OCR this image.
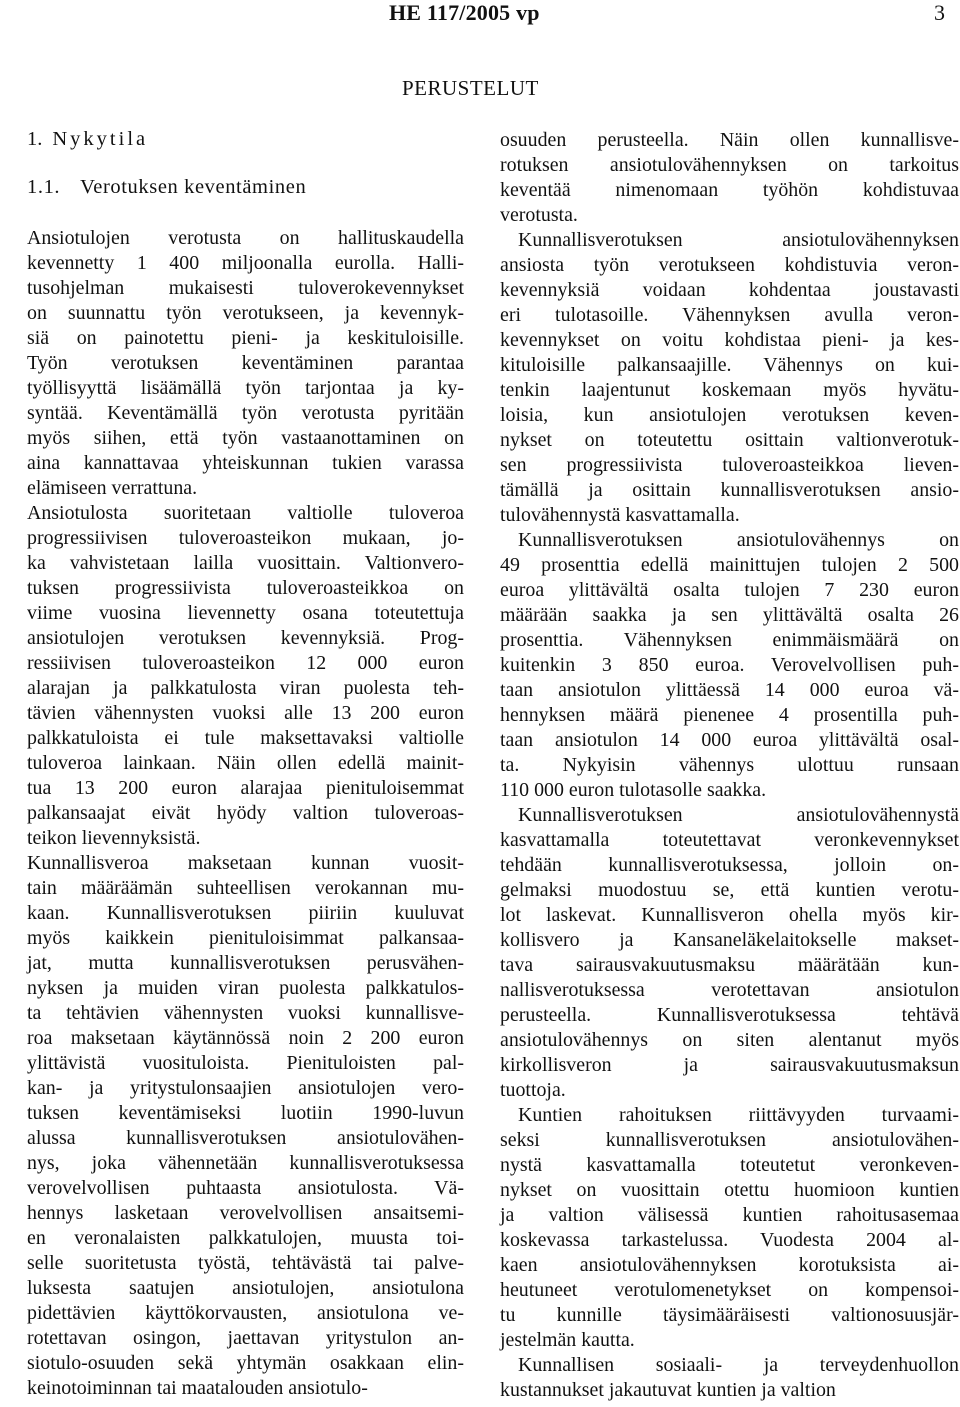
HE 117/2005 vp	3
PERUSTELUT
1. Nykytila
1.1. Verotuksen keventäminen

Ansiotulojen verotusta on hallituskaudella
kevennetty 1 400 miljoonalla eurolla. Halli-
tusohjelman mukaisesti tuloverokevennykset
on suunnattu työn verotukseen, ja kevennyk-
siä on painotettu pieni- ja keskituloisille.
Työn verotuksen keventäminen parantaa
työllisyyttä lisäämällä työn tarjontaa ja ky-
syntää. Keventämällä työn verotusta pyritään
myös siihen, että työn vastaanottaminen on
aina kannattavaa yhteiskunnan tukien varassa
elämiseen verrattuna.

Ansiotulosta suoritetaan valtiolle tuloveroa
progressiivisen tuloveroasteikon mukaan, jo-
ka vahvistetaan lailla vuosittain. Valtionvero-
tuksen progressiivista tuloveroasteikkoa on
viime vuosina lievennetty osana toteutettuja
ansiotulojen verotuksen kevennyksiä. Prog-
ressiivisen tuloveroasteikon 12 000 euron
alarajan ja palkkatulosta viran puolesta teh-
tävien vähennysten vuoksi alle 13 200 euron
palkkatuloista ei tule maksettavaksi valtiolle
tuloveroa lainkaan. Näin ollen edellä mainit-
tua 13 200 euron alarajaa pienituloisemmat
palkansaajat eivät hyödy valtion tuloveroas-
teikon lievennyksistä.

Kunnallisveroa maksetaan kunnan vuosit-
tain määräämän suhteellisen verokannan mu-
kaan. Kunnallisverotuksen piiriin kuuluvat
myös kaikkein pienituloisimmat palkansaa-
jat, mutta kunnallisverotuksen perusvähen-
nyksen ja muiden viran puolesta palkkatulos-
ta tehtävien vähennysten vuoksi kunnallisve-
roa maksetaan käytännössä noin 2 200 euron
ylittävistä vuosituloista. Pienituloisten pal-
kan- ja yritystulonsaajien ansiotulojen vero-
tuksen keventämiseksi luotiin 1990-luvun
alussa kunnallisverotuksen ansiotulovähen-
nys, joka vähennetään kunnallisverotuksessa
verovelvollisen puhtaasta ansiotulosta. Vä-
hennys lasketaan verovelvollisen ansaitsemi-
en veronalaisten palkkatulojen, muusta toi-
selle suoritetusta työstä, tehtävästä tai palve-
luksesta saatujen ansiotulojen, ansiotulona
pidettävien käyttökorvausten, ansiotulona ve-
rotettavan osingon, jaettavan yritystulon an-
siotulo-osuuden sekä yhtymän osakkaan elin-
keinotoiminnan tai maatalouden ansiotulo-

osuuden perusteella. Näin ollen kunnallisve-
rotuksen ansiotulovähennyksen on tarkoitus
keventää nimenomaan työhön kohdistuvaa
verotusta.

Kunnallisverotuksen ansiotulovähennyksen
ansiosta työn verotukseen kohdistuvia veron-
kevennyksiä voidaan kohdentaa joustavasti
eri tulotasoille. Vähennyksen avulla veron-
kevennykset on voitu kohdistaa pieni- ja kes-
kituloisille palkansaajille. Vähennys on kui-
tenkin laajentunut koskemaan myös hyvätu-
loisia, kun ansiotulojen verotuksen keven-
nykset on toteutettu osittain valtionverotuk-
sen progressiivista tuloveroasteikkoa lieven-
tämällä ja osittain kunnallisverotuksen ansio-
tulovähennystä kasvattamalla.

Kunnallisverotuksen ansiotulovähennys on
49 prosenttia edellä mainittujen tulojen 2 500
euroa ylittävältä osalta tulojen 7 230 euron
määrään saakka ja sen ylittävältä osalta 26
prosenttia. Vähennyksen enimmäismäärä on
kuitenkin 3 850 euroa. Verovelvollisen puh-
taan ansiotulon ylittäessä 14 000 euroa vä-
hennyksen määrä pienenee 4 prosentilla puh-
taan ansiotulon 14 000 euroa ylittävältä osal-
ta. Nykyisin vähennys ulottuu runsaan
110 000 euron tulotasolle saakka.

Kunnallisverotuksen ansiotulovähennystä
kasvattamalla toteutettavat veronkevennykset
tehdään kunnallisverotuksessa, jolloin on-
gelmaksi muodostuu se, että kuntien verotu-
lot laskevat. Kunnallisveron ohella myös kir-
kollisvero ja Kansaneläkelaitokselle makset-
tava sairausvakuutusmaksu määrätään kun-
nallisverotuksessa verotettavan ansiotulon
perusteella. Kunnallisverotuksessa tehtävä
ansiotulovähennys on siten alentanut myös
kirkollisveron ja sairausvakuutusmaksun
tuottoja.

Kuntien rahoituksen riittävyyden turvaami-
seksi kunnallisverotuksen ansiotulovähen-
nystä kasvattamalla toteutetut veronkeven-
nykset on vuosittain otettu huomioon kuntien
ja valtion välisessä kuntien rahoitusasemaa
koskevassa tarkastelussa. Vuodesta 2004 al-
kaen ansiotulovähennyksen korotuksista ai-
heutuneet verotulomenetykset on kompensoi-
tu kunnille täysimääräisesti valtionosuusjär-
jestelmän kautta.

Kunnallisen sosiaali- ja terveydenhuollon
kustannukset jakautuvat kuntien ja valtion
